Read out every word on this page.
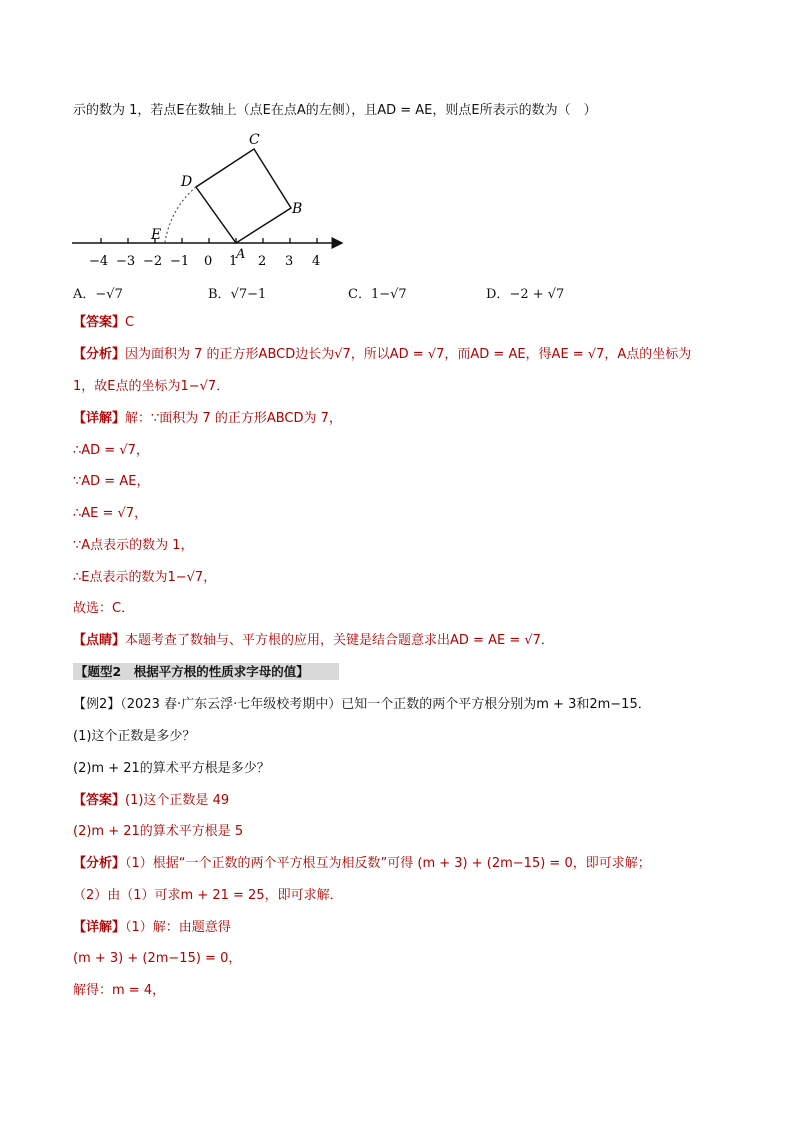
示的数为 1，若点E在数轴上（点E在点A的左侧），且AD = AE，则点E所表示的数为（　）
C
D
B
E
A
−4 −3 −2 −1 0 1 2 3 4
A．−√7	B．√7−1	C．1−√7	D．−2 + √7
【答案】C
【分析】因为面积为 7 的正方形ABCD边长为√7，所以AD = √7，而AD = AE，得AE = √7，A点的坐标为
1，故E点的坐标为1−√7．
【详解】解：∵面积为 7 的正方形ABCD为 7，
∴AD = √7，
∵AD = AE，
∴AE = √7，
∵A点表示的数为 1，
∴E点表示的数为1−√7，
故选：C．
【点睛】本题考查了数轴与、平方根的应用，关键是结合题意求出AD = AE = √7．
【题型2　根据平方根的性质求字母的值】
【例2】（2023 春·广东云浮·七年级校考期中）已知一个正数的两个平方根分别为m + 3和2m−15．
(1)这个正数是多少？
(2)m + 21的算术平方根是多少？
【答案】(1)这个正数是 49
(2)m + 21的算术平方根是 5
【分析】（1）根据“一个正数的两个平方根互为相反数”可得 (m + 3) + (2m−15) = 0，即可求解；
（2）由（1）可求m + 21 = 25，即可求解．
【详解】（1）解：由题意得
(m + 3) + (2m−15) = 0，
解得：m = 4，
